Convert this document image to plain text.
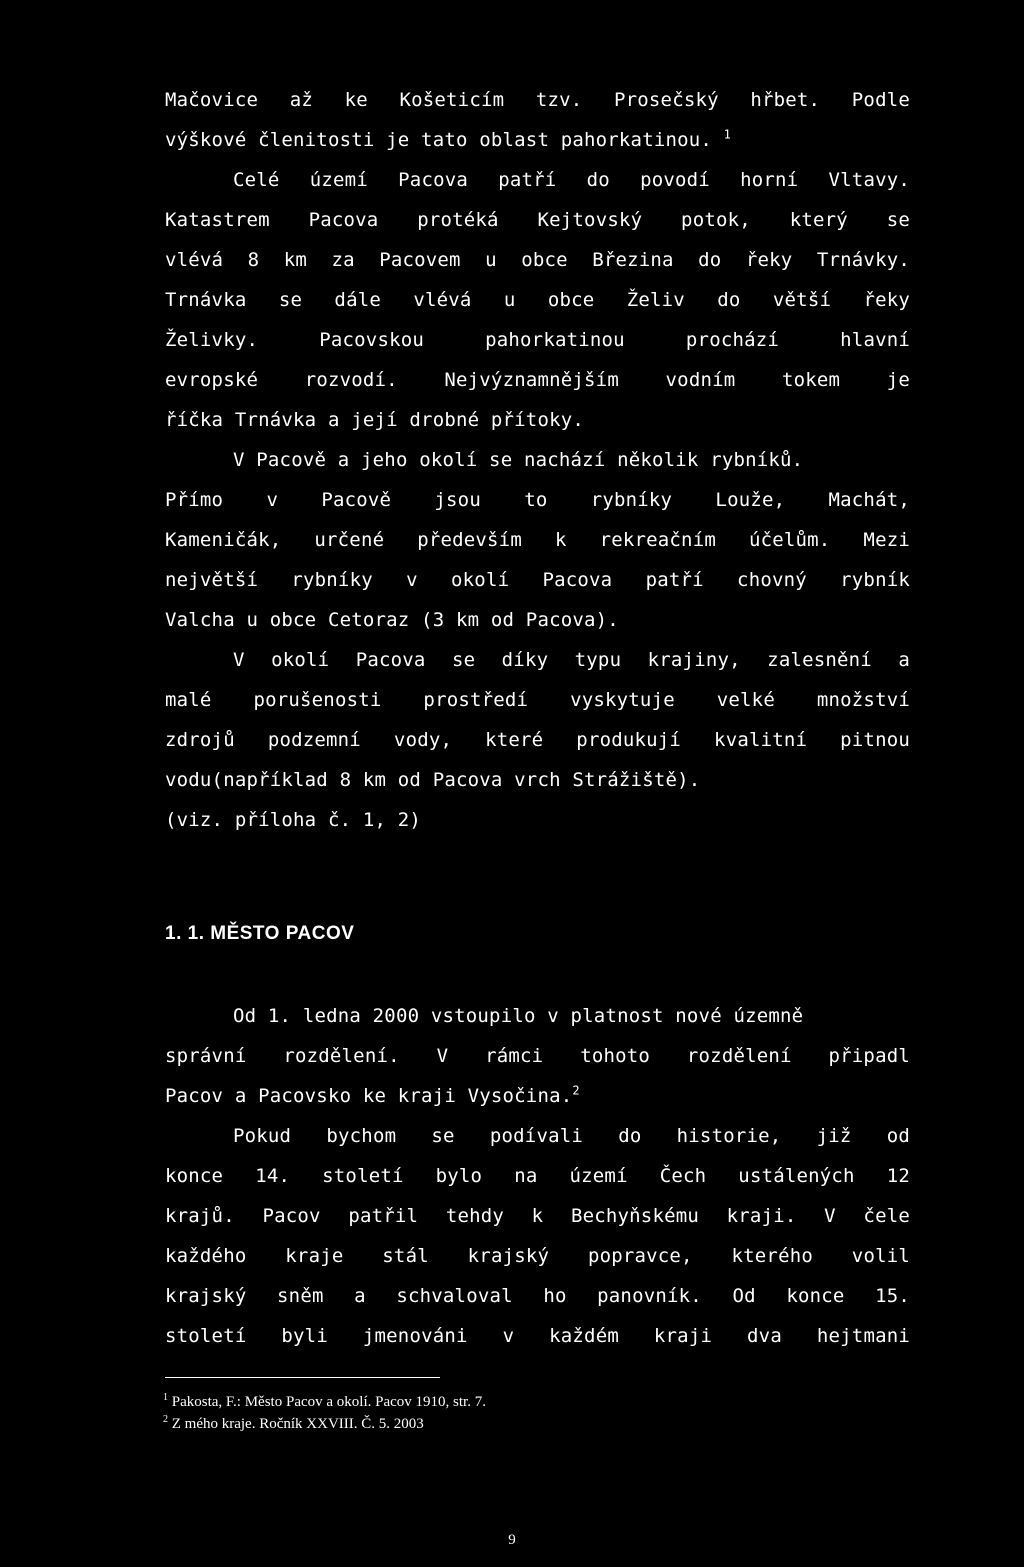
Mačovice až ke Košeticím tzv. Prosečský hřbet. Podle
výškové členitosti je tato oblast pahorkatinou. $^1$
Celé území Pacova patří do povodí horní Vltavy.
Katastrem Pacova protéká Kejtovský potok, který se
vlévá 8 km za Pacovem u obce Březina do řeky Trnávky.
Trnávka se dále vlévá u obce Želiv do větší řeky
Želivky. Pacovskou pahorkatinou prochází hlavní
evropské rozvodí. Nejvýznamnějším vodním tokem je
říčka Trnávka a její drobné přítoky.
V Pacově a jeho okolí se nachází několik rybníků.
Přímo v Pacově jsou to rybníky Louže, Machát,
Kameničák, určené především k rekreačním účelům. Mezi
největší rybníky v okolí Pacova patří chovný rybník
Valcha u obce Cetoraz (3 km od Pacova).
V okolí Pacova se díky typu krajiny, zalesnění a
malé porušenosti prostředí vyskytuje velké množství
zdrojů podzemní vody, které produkují kvalitní pitnou
vodu(například 8 km od Pacova vrch Strážiště).
(viz. příloha č. 1, 2)
1. 1. MĚSTO PACOV
Od 1. ledna 2000 vstoupilo v platnost nové územně
správní rozdělení. V rámci tohoto rozdělení připadl
Pacov a Pacovsko ke kraji Vysočina.$^2$
Pokud bychom se podívali do historie, již od
konce 14. století bylo na území Čech ustálených 12
krajů. Pacov patřil tehdy k Bechyňskému kraji. V čele
každého kraje stál krajský popravce, kterého volil
krajský sněm a schvaloval ho panovník. Od konce 15.
století byli jmenováni v každém kraji dva hejtmani
$^1$ Pakosta, F.: Město Pacov a okolí. Pacov 1910, str. 7.
$^2$ Z mého kraje. Ročník XXVIII. Č. 5. 2003
9
